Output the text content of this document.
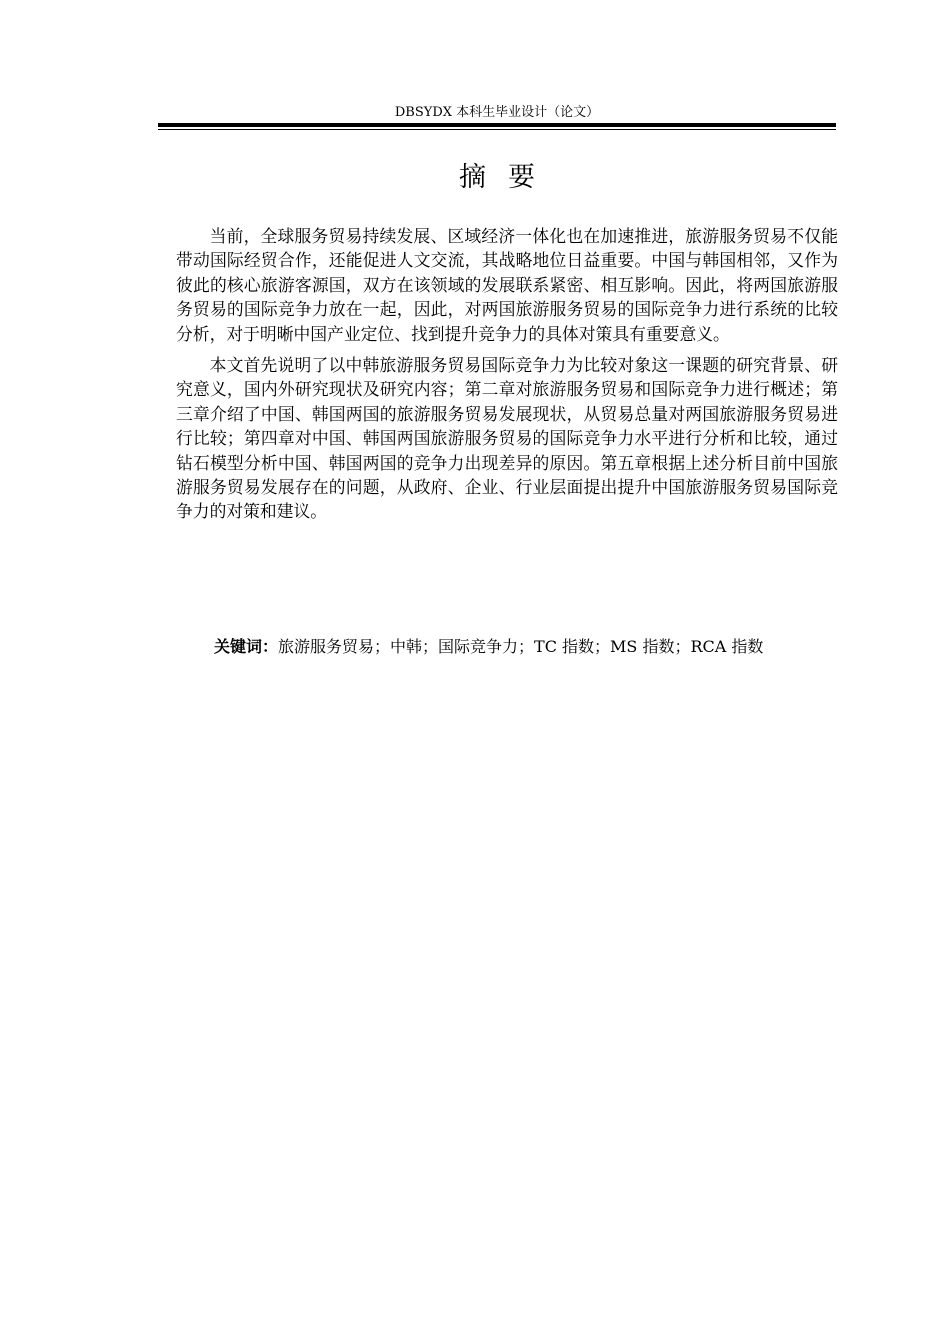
DBSYDX 本科生毕业设计（论文）
摘要

当前，全球服务贸易持续发展、区域经济一体化也在加速推进，旅游服务贸易不仅能带动国际经贸合作，还能促进人文交流，其战略地位日益重要。中国与韩国相邻，又作为彼此的核心旅游客源国，双方在该领域的发展联系紧密、相互影响。因此，将两国旅游服务贸易的国际竞争力放在一起，因此，对两国旅游服务贸易的国际竞争力进行系统的比较分析，对于明晰中国产业定位、找到提升竞争力的具体对策具有重要意义。

本文首先说明了以中韩旅游服务贸易国际竞争力为比较对象这一课题的研究背景、研究意义，国内外研究现状及研究内容；第二章对旅游服务贸易和国际竞争力进行概述；第三章介绍了中国、韩国两国的旅游服务贸易发展现状，从贸易总量对两国旅游服务贸易进行比较；第四章对中国、韩国两国旅游服务贸易的国际竞争力水平进行分析和比较，通过钻石模型分析中国、韩国两国的竞争力出现差异的原因。第五章根据上述分析目前中国旅游服务贸易发展存在的问题，从政府、企业、行业层面提出提升中国旅游服务贸易国际竞争力的对策和建议。

关键词：旅游服务贸易；中韩；国际竞争力；TC 指数；MS 指数；RCA 指数
